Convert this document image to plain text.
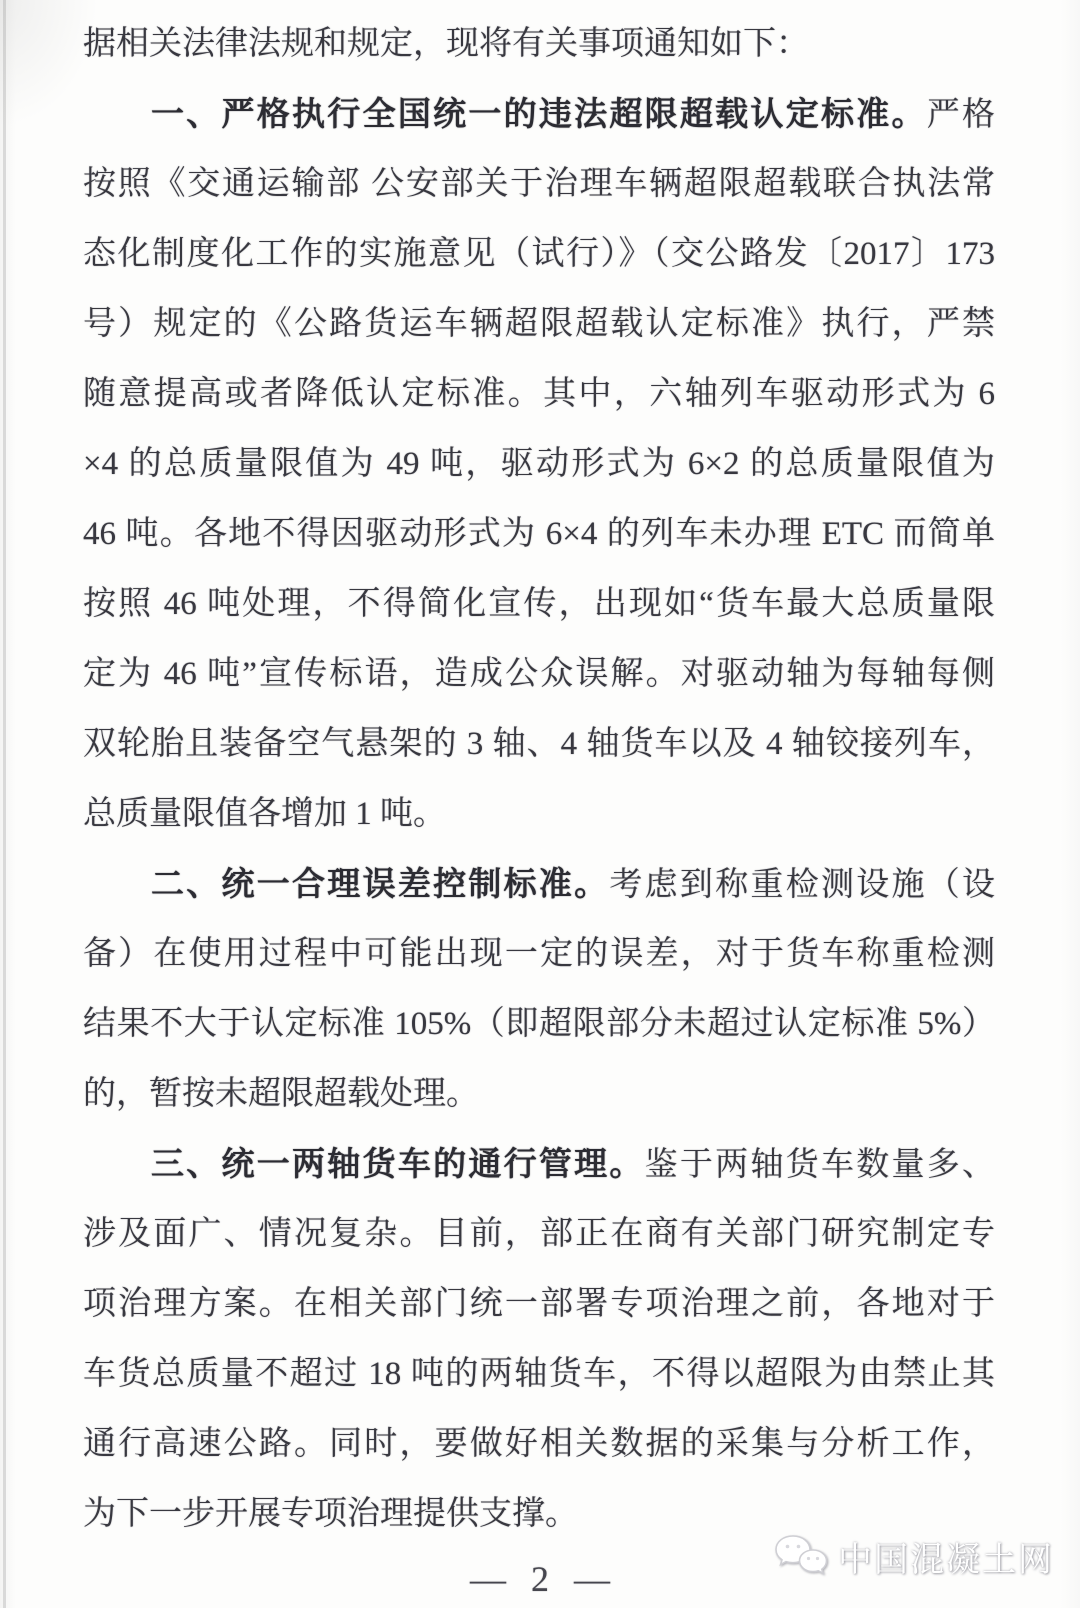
据相关法律法规和规定，现将有关事项通知如下：
一、严格执行全国统一的违法超限超载认定标准。严格
按照《交通运输部 公安部关于治理车辆超限超载联合执法常
态化制度化工作的实施意见（试行）》（交公路发〔2017〕173
号）规定的《公路货运车辆超限超载认定标准》执行，严禁
随意提高或者降低认定标准。其中，六轴列车驱动形式为 6
×4 的总质量限值为 49 吨，驱动形式为 6×2 的总质量限值为
46 吨。各地不得因驱动形式为 6×4 的列车未办理 ETC 而简单
按照 46 吨处理，不得简化宣传，出现如“货车最大总质量限
定为 46 吨”宣传标语，造成公众误解。对驱动轴为每轴每侧
双轮胎且装备空气悬架的 3 轴、4 轴货车以及 4 轴铰接列车，
总质量限值各增加 1 吨。
二、统一合理误差控制标准。考虑到称重检测设施（设
备）在使用过程中可能出现一定的误差，对于货车称重检测
结果不大于认定标准 105%（即超限部分未超过认定标准 5%）
的，暂按未超限超载处理。
三、统一两轴货车的通行管理。鉴于两轴货车数量多、
涉及面广、情况复杂。目前，部正在商有关部门研究制定专
项治理方案。在相关部门统一部署专项治理之前，各地对于
车货总质量不超过 18 吨的两轴货车，不得以超限为由禁止其
通行高速公路。同时，要做好相关数据的采集与分析工作，
为下一步开展专项治理提供支撑。
— 2 —	中国混凝土网
